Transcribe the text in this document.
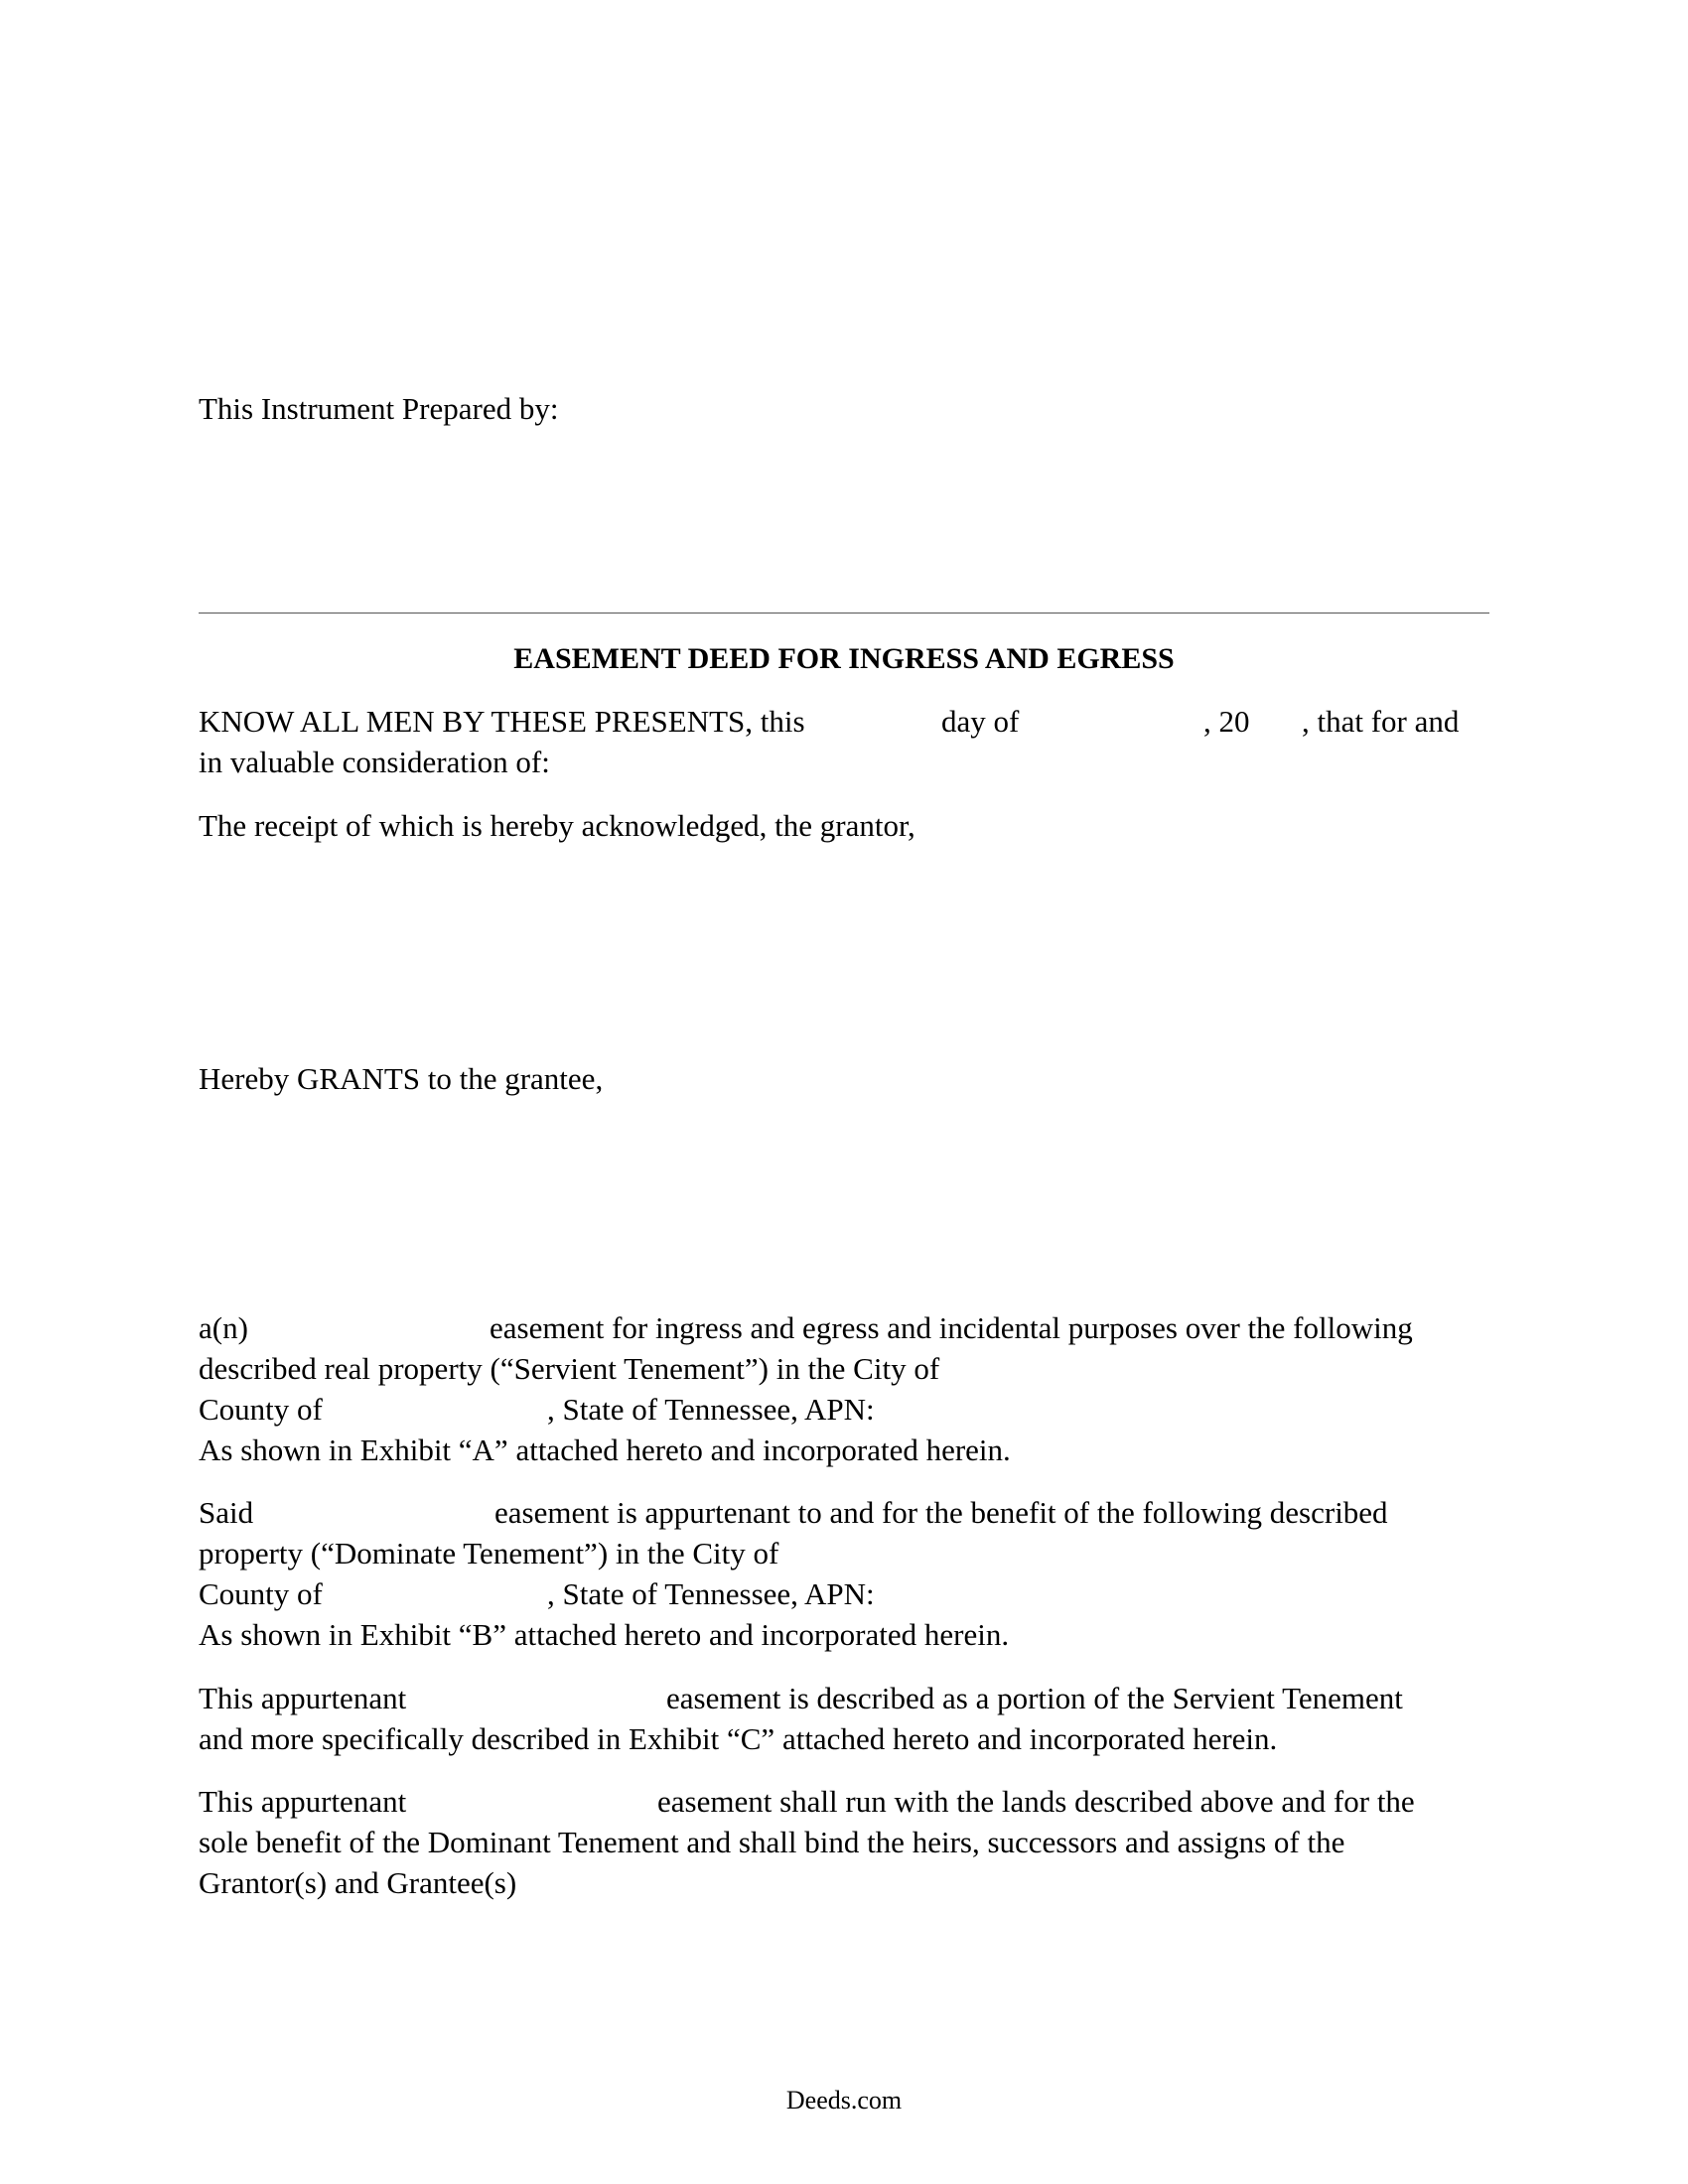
This Instrument Prepared by:
EASEMENT DEED FOR INGRESS AND EGRESS
KNOW ALL MEN BY THESE PRESENTS, this	day of	, 20 , that for and
in valuable consideration of:
The receipt of which is hereby acknowledged, the grantor,
Hereby GRANTS to the grantee,
a(n)	easement for ingress and egress and incidental purposes over the following
described real property (“Servient Tenement”) in the City of
County of	, State of Tennessee, APN:
As shown in Exhibit “A” attached hereto and incorporated herein.
Said	easement is appurtenant to and for the benefit of the following described
property (“Dominate Tenement”) in the City of
County of	, State of Tennessee, APN:
As shown in Exhibit “B” attached hereto and incorporated herein.
This appurtenant	easement is described as a portion of the Servient Tenement
and more specifically described in Exhibit “C” attached hereto and incorporated herein.
This appurtenant	easement shall run with the lands described above and for the
sole benefit of the Dominant Tenement and shall bind the heirs, successors and assigns of the
Grantor(s) and Grantee(s)
Deeds.com
